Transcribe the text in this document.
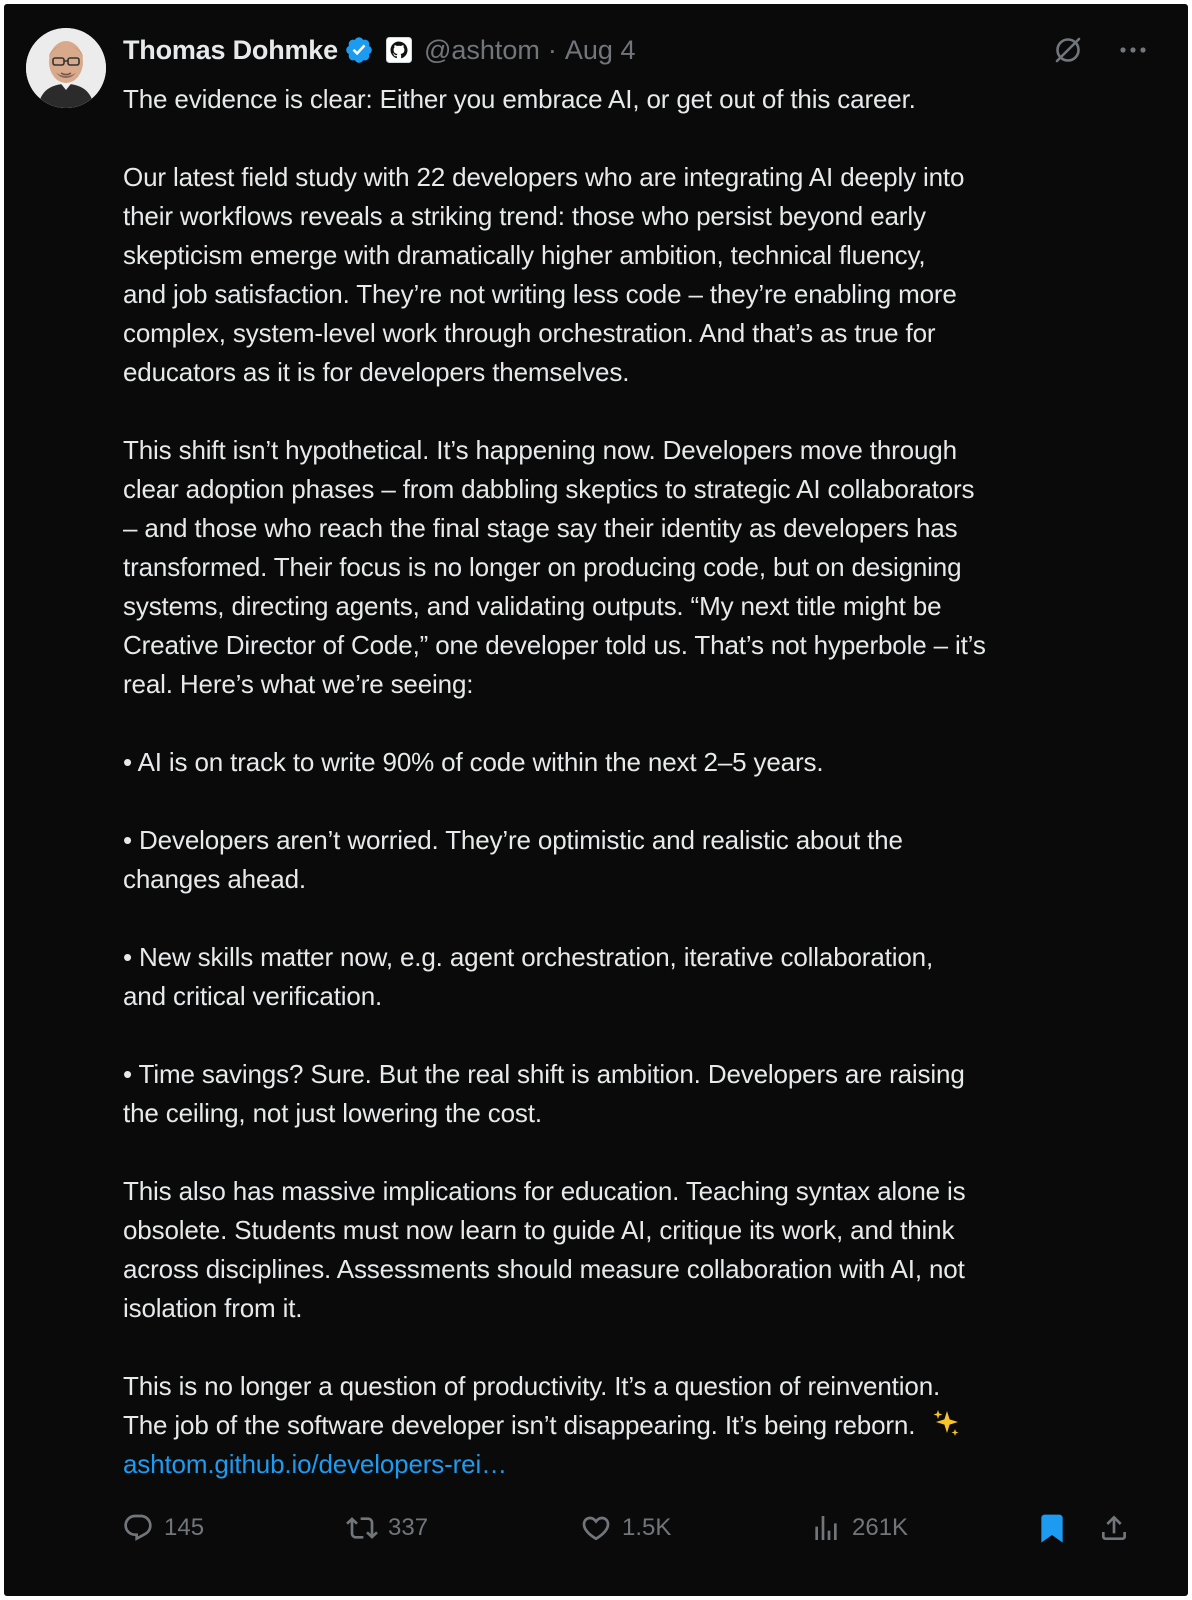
Thomas Dohmke	@ashtom · Aug 4
The evidence is clear: Either you embrace AI, or get out of this career.
Our latest field study with 22 developers who are integrating AI deeply into
their workflows reveals a striking trend: those who persist beyond early
skepticism emerge with dramatically higher ambition, technical fluency,
and job satisfaction. They’re not writing less code – they’re enabling more
complex, system-level work through orchestration. And that’s as true for
educators as it is for developers themselves.
This shift isn’t hypothetical. It’s happening now. Developers move through
clear adoption phases – from dabbling skeptics to strategic AI collaborators
– and those who reach the final stage say their identity as developers has
transformed. Their focus is no longer on producing code, but on designing
systems, directing agents, and validating outputs. “My next title might be
Creative Director of Code,” one developer told us. That’s not hyperbole – it’s
real. Here’s what we’re seeing:
• AI is on track to write 90% of code within the next 2–5 years.
• Developers aren’t worried. They’re optimistic and realistic about the
changes ahead.
• New skills matter now, e.g. agent orchestration, iterative collaboration,
and critical verification.
• Time savings? Sure. But the real shift is ambition. Developers are raising
the ceiling, not just lowering the cost.
This also has massive implications for education. Teaching syntax alone is
obsolete. Students must now learn to guide AI, critique its work, and think
across disciplines. Assessments should measure collaboration with AI, not
isolation from it.
This is no longer a question of productivity. It’s a question of reinvention.
The job of the software developer isn’t disappearing. It’s being reborn.
ashtom.github.io/developers-rei…
145	337	1.5K	261K
